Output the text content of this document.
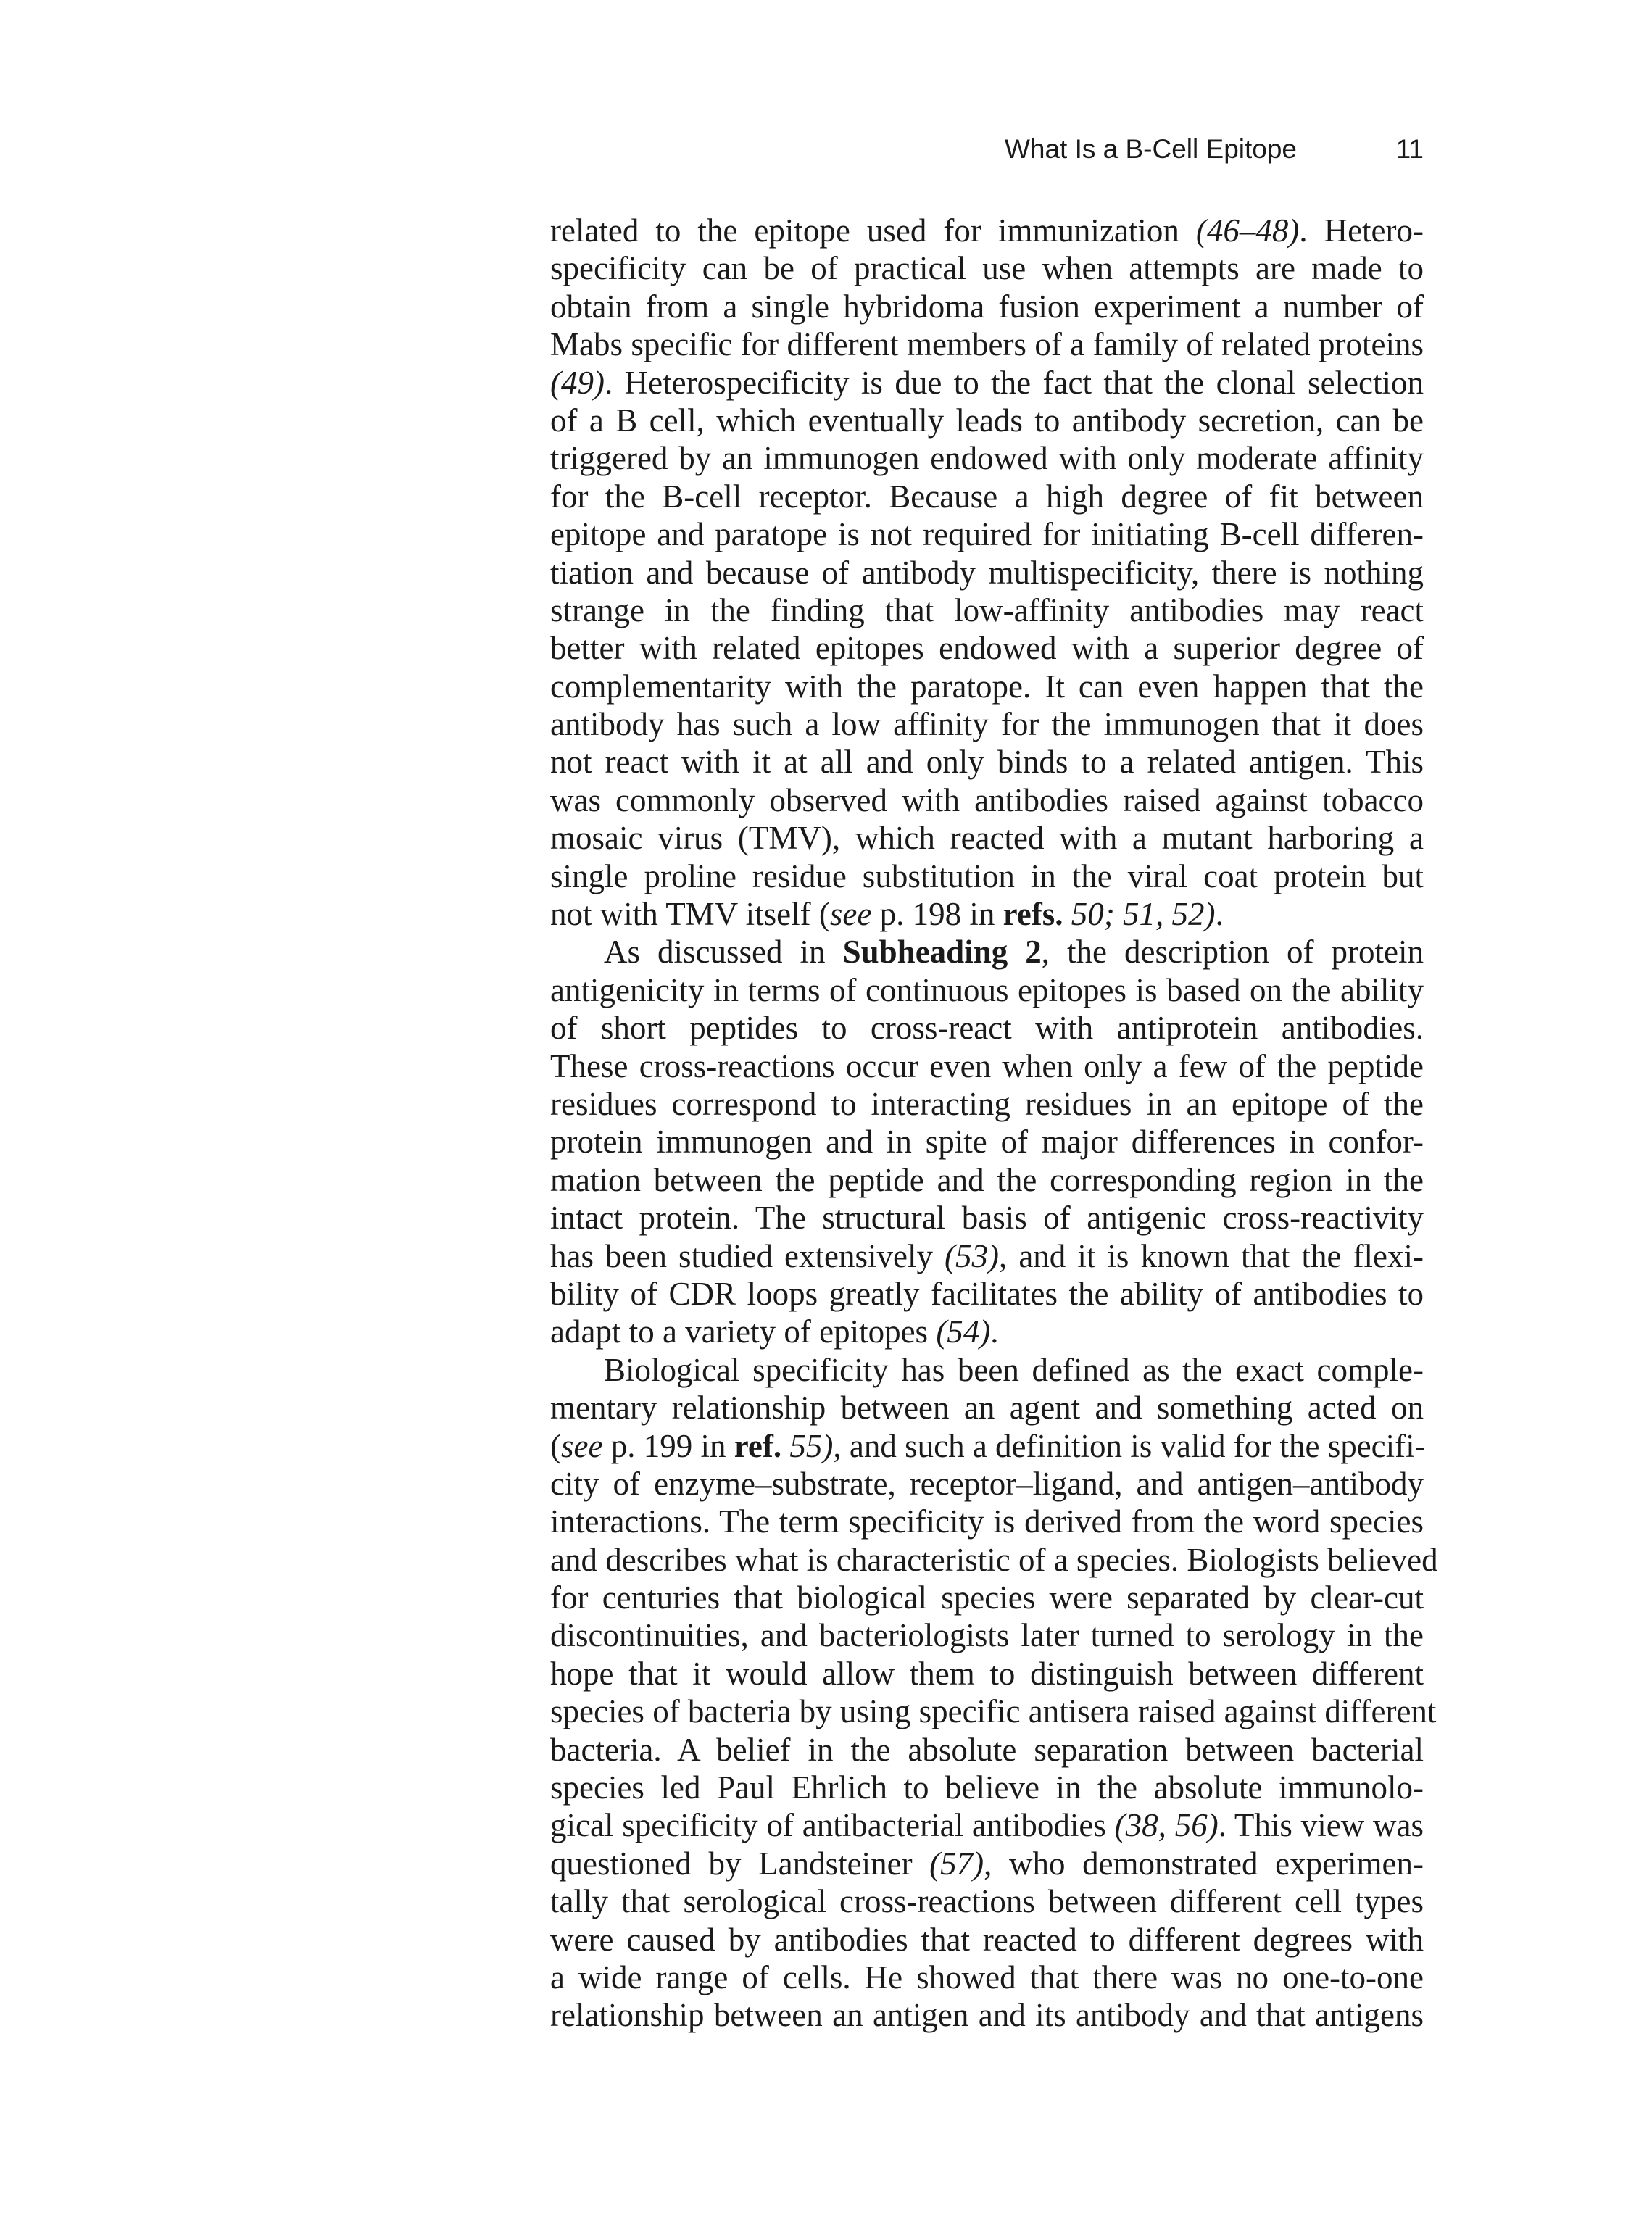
What Is a B-Cell Epitope	11
related to the epitope used for immunization (46–48). Hetero-
specificity can be of practical use when attempts are made to
obtain from a single hybridoma fusion experiment a number of
Mabs specific for different members of a family of related proteins
(49). Heterospecificity is due to the fact that the clonal selection
of a B cell, which eventually leads to antibody secretion, can be
triggered by an immunogen endowed with only moderate affinity
for the B-cell receptor. Because a high degree of fit between
epitope and paratope is not required for initiating B-cell differen-
tiation and because of antibody multispecificity, there is nothing
strange in the finding that low-affinity antibodies may react
better with related epitopes endowed with a superior degree of
complementarity with the paratope. It can even happen that the
antibody has such a low affinity for the immunogen that it does
not react with it at all and only binds to a related antigen. This
was commonly observed with antibodies raised against tobacco
mosaic virus (TMV), which reacted with a mutant harboring a
single proline residue substitution in the viral coat protein but
not with TMV itself (see p. 198 in refs. 50; 51, 52).
As discussed in Subheading 2, the description of protein
antigenicity in terms of continuous epitopes is based on the ability
of short peptides to cross-react with antiprotein antibodies.
These cross-reactions occur even when only a few of the peptide
residues correspond to interacting residues in an epitope of the
protein immunogen and in spite of major differences in confor-
mation between the peptide and the corresponding region in the
intact protein. The structural basis of antigenic cross-reactivity
has been studied extensively (53), and it is known that the flexi-
bility of CDR loops greatly facilitates the ability of antibodies to
adapt to a variety of epitopes (54).
Biological specificity has been defined as the exact comple-
mentary relationship between an agent and something acted on
(see p. 199 in ref. 55), and such a definition is valid for the specifi-
city of enzyme–substrate, receptor–ligand, and antigen–antibody
interactions. The term specificity is derived from the word species
and describes what is characteristic of a species. Biologists believed
for centuries that biological species were separated by clear-cut
discontinuities, and bacteriologists later turned to serology in the
hope that it would allow them to distinguish between different
species of bacteria by using specific antisera raised against different
bacteria. A belief in the absolute separation between bacterial
species led Paul Ehrlich to believe in the absolute immunolo-
gical specificity of antibacterial antibodies (38, 56). This view was
questioned by Landsteiner (57), who demonstrated experimen-
tally that serological cross-reactions between different cell types
were caused by antibodies that reacted to different degrees with
a wide range of cells. He showed that there was no one-to-one
relationship between an antigen and its antibody and that antigens
